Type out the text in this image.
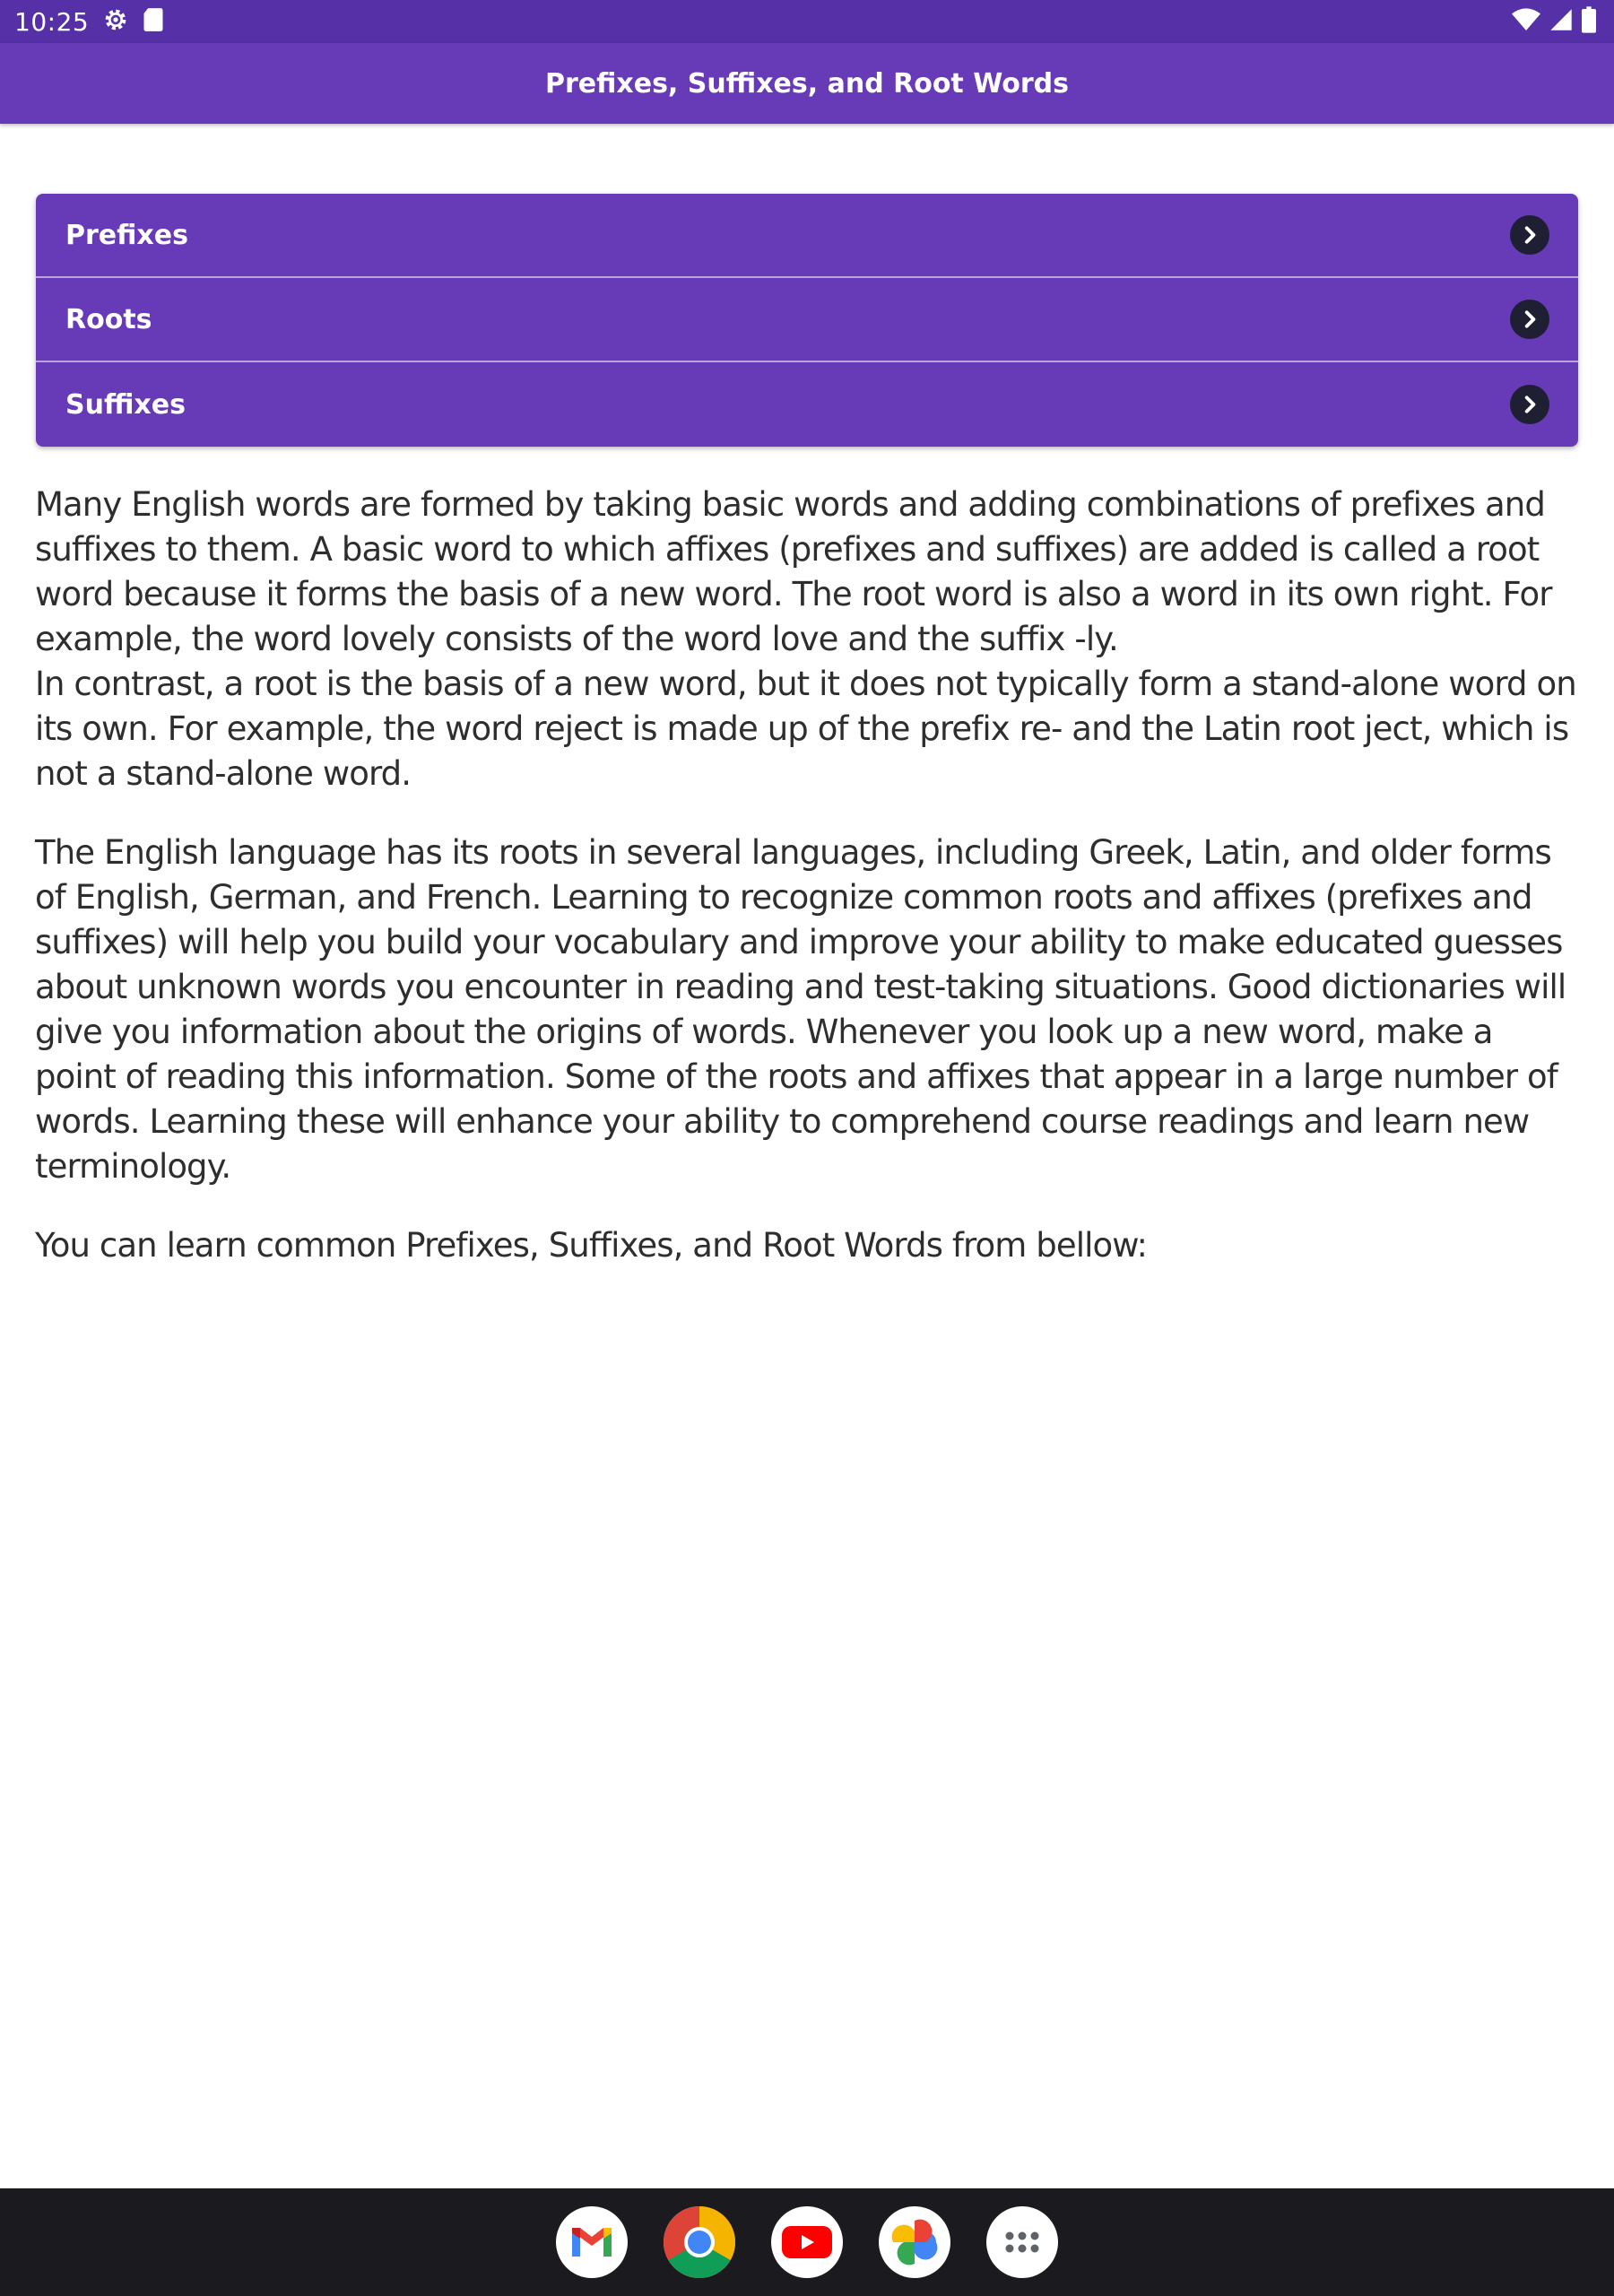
10:25
Prefixes, Suffixes, and Root Words
Prefixes
Roots
Suffixes

Many English words are formed by taking basic words and adding combinations of prefixes and suffixes to them. A basic word to which affixes (prefixes and suffixes) are added is called a root word because it forms the basis of a new word. The root word is also a word in its own right. For example, the word lovely consists of the word love and the suffix -ly.
In contrast, a root is the basis of a new word, but it does not typically form a stand-alone word on its own. For example, the word reject is made up of the prefix re- and the Latin root ject, which is not a stand-alone word.

The English language has its roots in several languages, including Greek, Latin, and older forms of English, German, and French. Learning to recognize common roots and affixes (prefixes and suffixes) will help you build your vocabulary and improve your ability to make educated guesses about unknown words you encounter in reading and test-taking situations. Good dictionaries will give you information about the origins of words. Whenever you look up a new word, make a point of reading this information. Some of the roots and affixes that appear in a large number of words. Learning these will enhance your ability to comprehend course readings and learn new terminology.

You can learn common Prefixes, Suffixes, and Root Words from bellow:
